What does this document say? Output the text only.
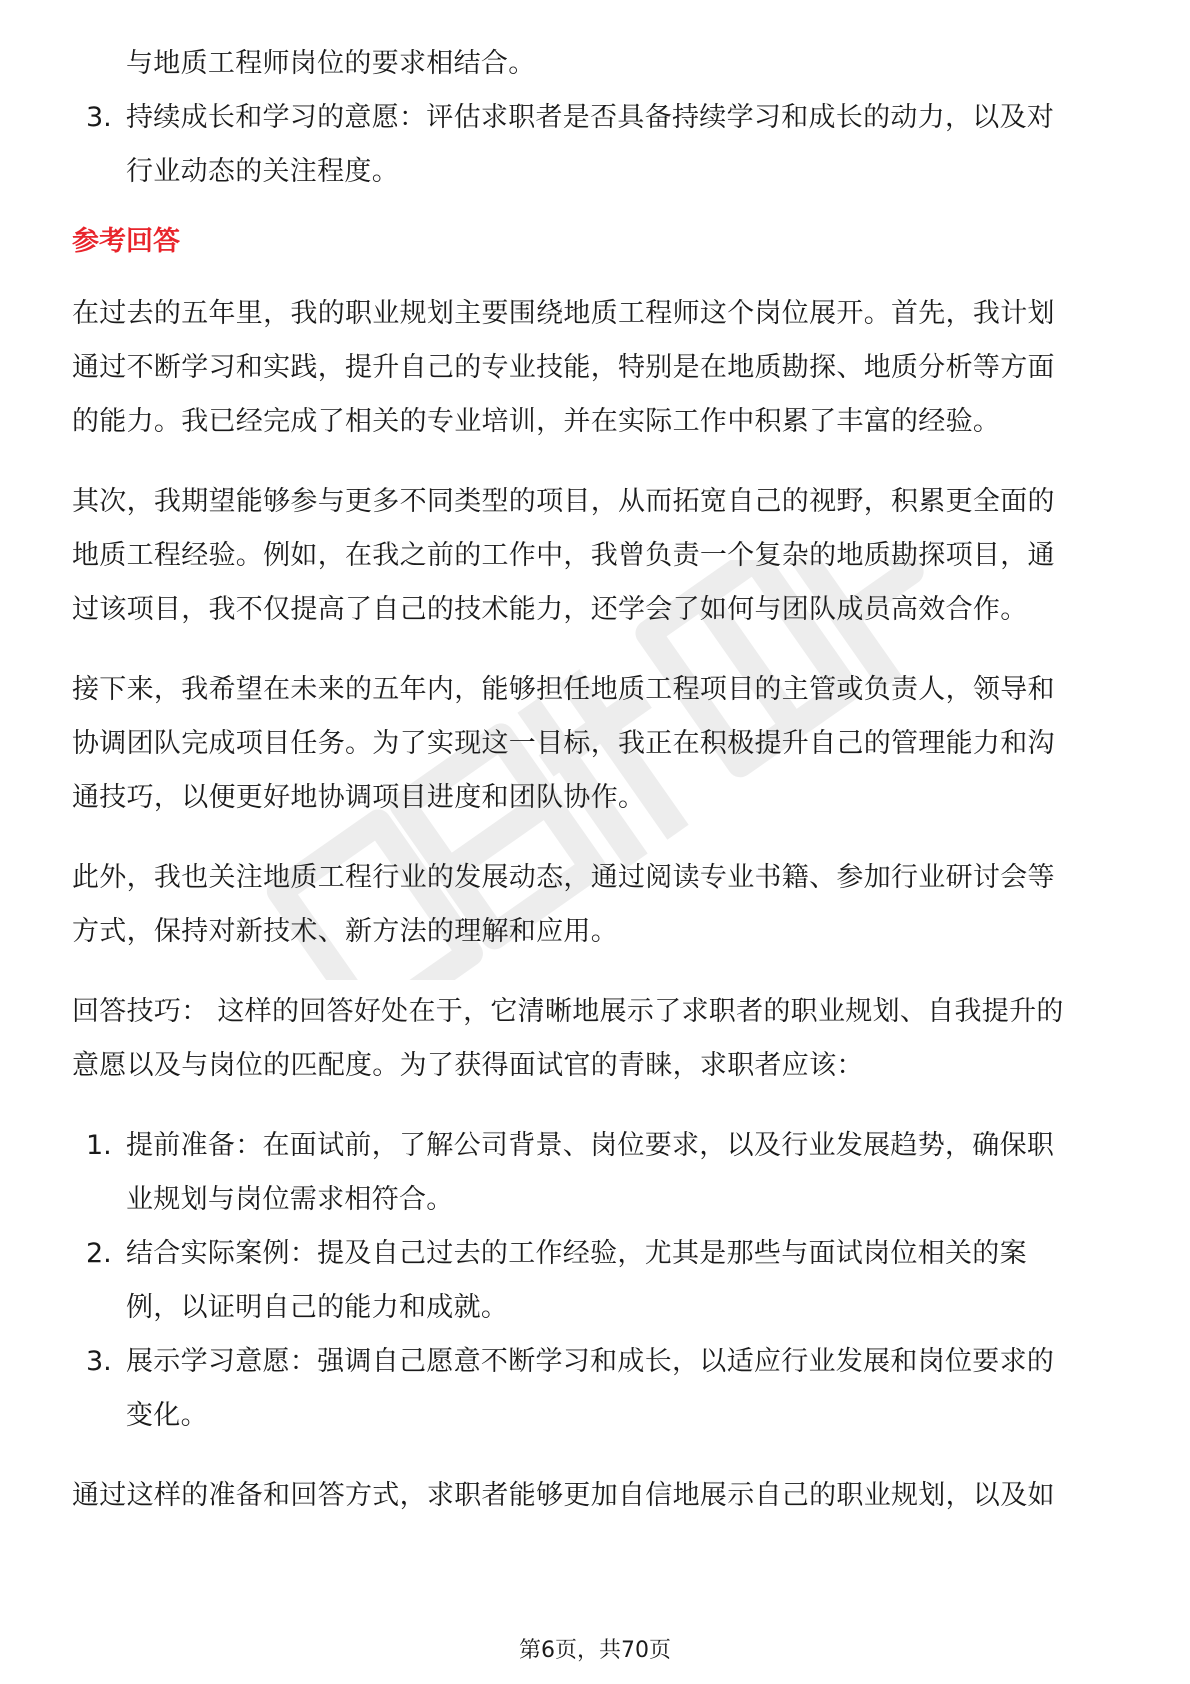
与地质工程师岗位的要求相结合。
3. 持续成长和学习的意愿：评估求职者是否具备持续学习和成长的动力，以及对
行业动态的关注程度。
参考回答
在过去的五年里，我的职业规划主要围绕地质工程师这个岗位展开。首先，我计划
通过不断学习和实践，提升自己的专业技能，特别是在地质勘探、地质分析等方面
的能力。我已经完成了相关的专业培训，并在实际工作中积累了丰富的经验。
其次，我期望能够参与更多不同类型的项目，从而拓宽自己的视野，积累更全面的
地质工程经验。例如，在我之前的工作中，我曾负责一个复杂的地质勘探项目，通
过该项目，我不仅提高了自己的技术能力，还学会了如何与团队成员高效合作。
接下来，我希望在未来的五年内，能够担任地质工程项目的主管或负责人，领导和
协调团队完成项目任务。为了实现这一目标，我正在积极提升自己的管理能力和沟
通技巧，以便更好地协调项目进度和团队协作。
此外，我也关注地质工程行业的发展动态，通过阅读专业书籍、参加行业研讨会等
方式，保持对新技术、新方法的理解和应用。
回答技巧： 这样的回答好处在于，它清晰地展示了求职者的职业规划、自我提升的
意愿以及与岗位的匹配度。为了获得面试官的青睐，求职者应该：
1. 提前准备：在面试前，了解公司背景、岗位要求，以及行业发展趋势，确保职
业规划与岗位需求相符合。
2. 结合实际案例：提及自己过去的工作经验，尤其是那些与面试岗位相关的案
例，以证明自己的能力和成就。
3. 展示学习意愿：强调自己愿意不断学习和成长，以适应行业发展和岗位要求的
变化。
通过这样的准备和回答方式，求职者能够更加自信地展示自己的职业规划，以及如
第6页，共70页
